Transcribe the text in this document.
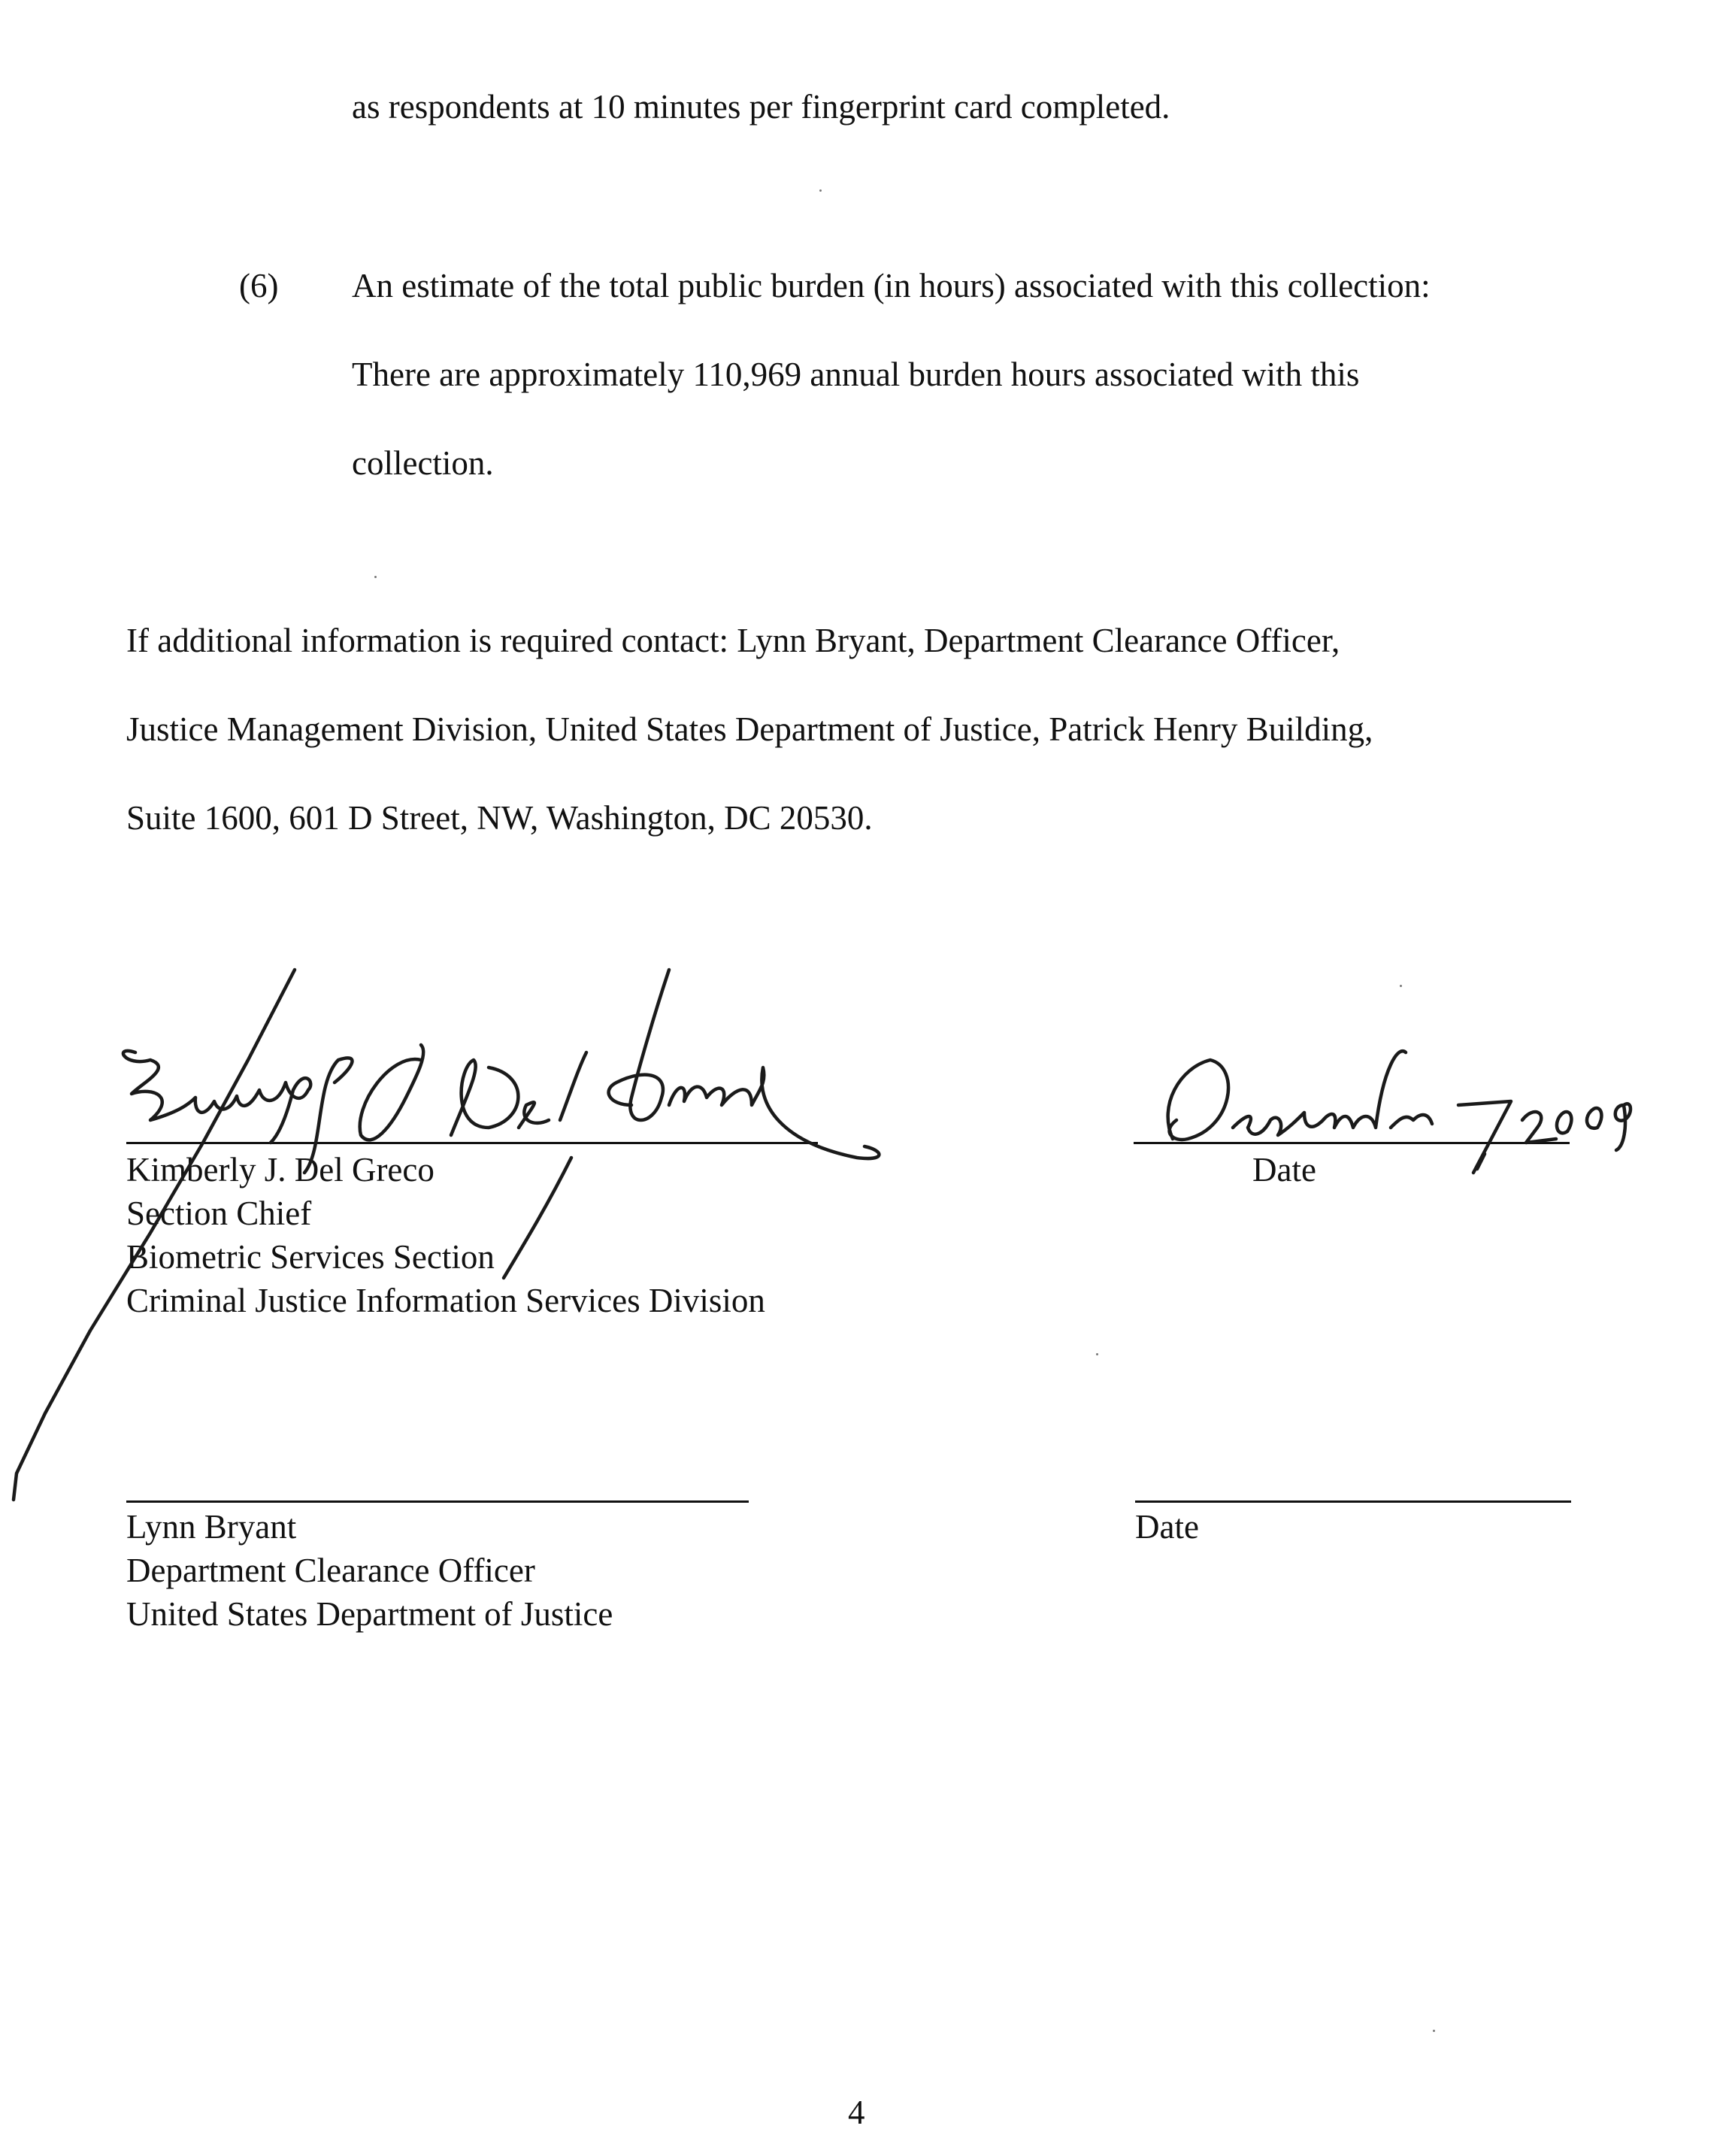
as respondents at 10 minutes per fingerprint card completed.
(6) An estimate of the total public burden (in hours) associated with this collection:
There are approximately 110,969 annual burden hours associated with this
collection.
If additional information is required contact: Lynn Bryant, Department Clearance Officer,
Justice Management Division, United States Department of Justice, Patrick Henry Building,
Suite 1600, 601 D Street, NW, Washington, DC 20530.
Kimberly J. Del Greco
Section Chief
Biometric Services Section
Criminal Justice Information Services Division
Date
Lynn Bryant
Department Clearance Officer
United States Department of Justice
Date
4
